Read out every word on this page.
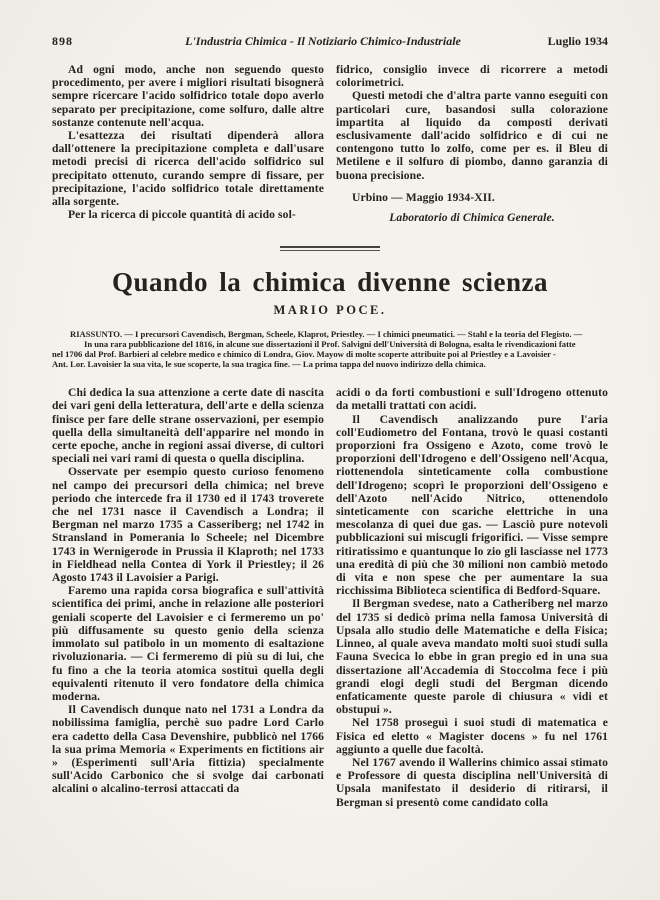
898	L'Industria Chimica - Il Notiziario Chimico-Industriale	Luglio 1934

Ad ogni modo, anche non seguendo questo procedimento, per avere i migliori risultati bisognerà sempre ricercare l'acido solfidrico totale dopo averlo separato per precipitazione, come solfuro, dalle altre sostanze contenute nell'acqua.

L'esattezza dei risultati dipenderà allora dall'ottenere la precipitazione completa e dall'usare metodi precisi di ricerca dell'acido solfidrico sul precipitato ottenuto, curando sempre di fissare, per precipitazione, l'acido solfidrico totale direttamente alla sorgente.

Per la ricerca di piccole quantità di acido sol-

fidrico, consiglio invece di ricorrere a metodi colorimetrici.

Questi metodi che d'altra parte vanno eseguiti con particolari cure, basandosi sulla colorazione impartita al liquido da composti derivati esclusivamente dall'acido solfidrico e di cui ne contengono tutto lo zolfo, come per es. il Bleu di Metilene e il solfuro di piombo, danno garanzia di buona precisione.

Urbino — Maggio 1934-XII.

Laboratorio di Chimica Generale.

Quando la chimica divenne scienza
MARIO POCE.
RIASSUNTO. — I precursori Cavendisch, Bergman, Scheele, Klaprot, Priestley. — I chimici pneumatici. — Stahl e la teoria del Flegisto. —
In una rara pubblicazione del 1816, in alcune sue dissertazioni il Prof. Salvigni dell'Università di Bologna, esalta le rivendicazioni fatte
nel 1706 dal Prof. Barbieri al celebre medico e chimico di Londra, Giov. Mayow di molte scoperte attribuite poi al Priestley e a Lavoisier -
Ant. Lor. Lavoisier la sua vita, le sue scoperte, la sua tragica fine. — La prima tappa del nuovo indirizzo della chimica.

Chi dedica la sua attenzione a certe date di nascita dei vari geni della letteratura, dell'arte e della scienza finisce per fare delle strane osservazioni, per esempio quella della simultaneità dell'apparire nel mondo in certe epoche, anche in regioni assai diverse, di cultori speciali nei vari rami di questa o quella disciplina.

Osservate per esempio questo curioso fenomeno nel campo dei precursori della chimica; nel breve periodo che intercede fra il 1730 ed il 1743 troverete che nel 1731 nasce il Cavendisch a Londra; il Bergman nel marzo 1735 a Casseriberg; nel 1742 in Stransland in Pomerania lo Scheele; nel Dicembre 1743 in Wernigerode in Prussia il Klaproth; nel 1733 in Fieldhead nella Contea di York il Priestley; il 26 Agosto 1743 il Lavoisier a Parigi.

Faremo una rapida corsa biografica e sull'attività scientifica dei primi, anche in relazione alle posteriori geniali scoperte del Lavoisier e ci fermeremo un po' più diffusamente su questo genio della scienza immolato sul patibolo in un momento di esaltazione rivoluzionaria. — Ci fermeremo di più su di lui, che fu fino a che la teoria atomica sostituì quella degli equivalenti ritenuto il vero fondatore della chimica moderna.

Il Cavendisch dunque nato nel 1731 a Londra da nobilissima famiglia, perchè suo padre Lord Carlo era cadetto della Casa Devenshire, pubblicò nel 1766 la sua prima Memoria « Experiments en fictitions air » (Esperimenti sull'Aria fittizia) specialmente sull'Acido Carbonico che si svolge dai carbonati alcalini o alcalino-terrosi attaccati da

acidi o da forti combustioni e sull'Idrogeno ottenuto da metalli trattati con acidi.

Il Cavendisch analizzando pure l'aria coll'Eudiometro del Fontana, trovò le quasi costanti proporzioni fra Ossigeno e Azoto, come trovò le proporzioni dell'Idrogeno e dell'Ossigeno nell'Acqua, riottenendola sinteticamente colla combustione dell'Idrogeno; scoprì le proporzioni dell'Ossigeno e dell'Azoto nell'Acido Nitrico, ottenendolo sinteticamente con scariche elettriche in una mescolanza di quei due gas. — Lasciò pure notevoli pubblicazioni sui miscugli frigorifici. — Visse sempre ritiratissimo e quantunque lo zio gli lasciasse nel 1773 una eredità di più che 30 milioni non cambiò metodo di vita e non spese che per aumentare la sua ricchissima Biblioteca scientifica di Bedford-Square.

Il Bergman svedese, nato a Catheriberg nel marzo del 1735 si dedicò prima nella famosa Università di Upsala allo studio delle Matematiche e della Fisica; Linneo, al quale aveva mandato molti suoi studi sulla Fauna Svecica lo ebbe in gran pregio ed in una sua dissertazione all'Accademia di Stoccolma fece i più grandi elogi degli studi del Bergman dicendo enfaticamente queste parole di chiusura « vidi et obstupui ».

Nel 1758 proseguì i suoi studi di matematica e Fisica ed eletto « Magister docens » fu nel 1761 aggiunto a quelle due facoltà.

Nel 1767 avendo il Wallerins chimico assai stimato e Professore di questa disciplina nell'Università di Upsala manifestato il desiderio di ritirarsi, il Bergman si presentò come candidato colla
